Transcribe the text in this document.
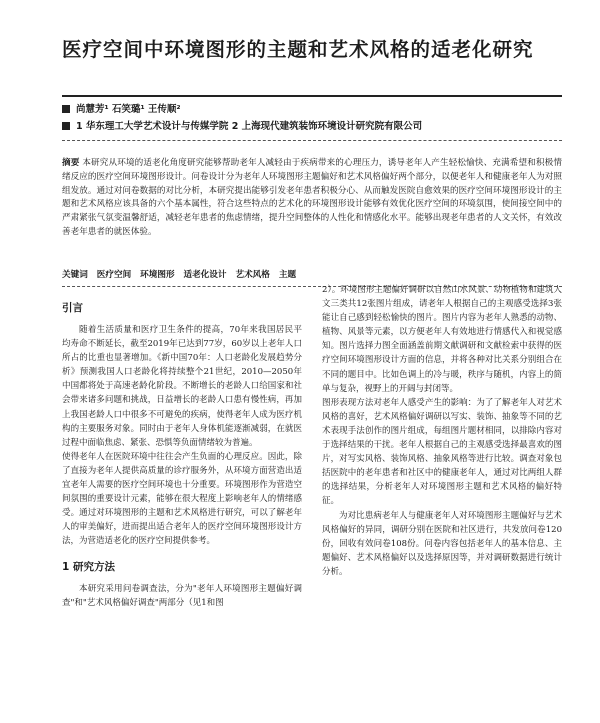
医疗空间中环境图形的主题和艺术风格的适老化研究
尚慧芳¹ 石笑璐¹ 王传顺²
1 华东理工大学艺术设计与传媒学院 2 上海现代建筑装饰环境设计研究院有限公司
摘要 本研究从环境的适老化角度研究能够帮助老年人减轻由于疾病带来的心理压力，诱导老年人产生轻松愉快、充满希望和积极情绪反应的医疗空间环境图形设计。问卷设计分为老年人环境图形主题偏好和艺术风格偏好两个部分，以便老年人和健康老年人为对照组发放。通过对问卷数据的对比分析，本研究提出能够引发老年患者积极分心、从而触发医院自愈效果的医疗空间环境图形设计的主题和艺术风格应该具备的六个基本属性，符合这些特点的艺术化的环境图形设计能够有效优化医疗空间的环境氛围，使间接空间中的严肃紧张气氛变温馨舒适，减轻老年患者的焦虑情绪，提升空间整体的人性化和情感化水平。能够出现老年患者的人文关怀，有效改善老年患者的就医体验。
关键词 医疗空间 环境图形 适老化设计 艺术风格 主题

引言

随着生活质量和医疗卫生条件的提高，70年来我国居民平均寿命不断延长，截至2019年已达到77岁，60岁以上老年人口所占的比重也显著增加。《新中国70年：人口老龄化发展趋势分析》预测我国人口老龄化将持续整个21世纪，2010—2050年中国都将处于高速老龄化阶段。不断增长的老龄人口给国家和社会带来诸多问题和挑战，日益增长的老龄人口患有慢性病，再加上我国老龄人口中很多不可避免的疾病，使得老年人成为医疗机构的主要服务对象。同时由于老年人身体机能逐渐减弱，在就医过程中面临焦虑、紧张、恐惧等负面情绪较为普遍。

使得老年人在医院环境中往往会产生负面的心理反应。因此，除了直接为老年人提供高质量的诊疗服务外，从环境方面营造出适宜老年人需要的医疗空间环境也十分重要。环境图形作为营造空间氛围的重要设计元素，能够在很大程度上影响老年人的情绪感受。通过对环境图形的主题和艺术风格进行研究，可以了解老年人的审美偏好，进而提出适合老年人的医疗空间环境图形设计方法，为营造适老化的医疗空间提供参考。

1 研究方法

本研究采用问卷调查法，分为"老年人环境图形主题偏好调查"和"艺术风格偏好调查"两部分（见1和图

2）。环境图形主题偏好调研以自然山水风景、动物植物和建筑人文三类共12张图片组成，请老年人根据自己的主观感受选择3张能让自己感到轻松愉快的图片。图片内容为老年人熟悉的动物、植物、风景等元素，以方便老年人有效地进行情感代入和视觉感知。图片选择力图全面涵盖前期文献调研和文献检索中获得的医疗空间环境图形设计方面的信息，并将各种对比关系分别组合在不同的题目中。比如色调上的冷与暖，秩序与随机，内容上的简单与复杂，视野上的开阔与封闭等。

图形表现方法对老年人感受产生的影响：为了了解老年人对艺术风格的喜好，艺术风格偏好调研以写实、装饰、抽象等不同的艺术表现手法创作的图片组成，每组图片题材相同，以排除内容对于选择结果的干扰。老年人根据自己的主观感受选择最喜欢的图片，对写实风格、装饰风格、抽象风格等进行比较。调查对象包括医院中的老年患者和社区中的健康老年人，通过对比两组人群的选择结果，分析老年人对环境图形主题和艺术风格的偏好特征。

为对比患病老年人与健康老年人对环境图形主题偏好与艺术风格偏好的异同，调研分别在医院和社区进行，共发放问卷120份，回收有效问卷108份。问卷内容包括老年人的基本信息、主题偏好、艺术风格偏好以及选择原因等，并对调研数据进行统计分析。
